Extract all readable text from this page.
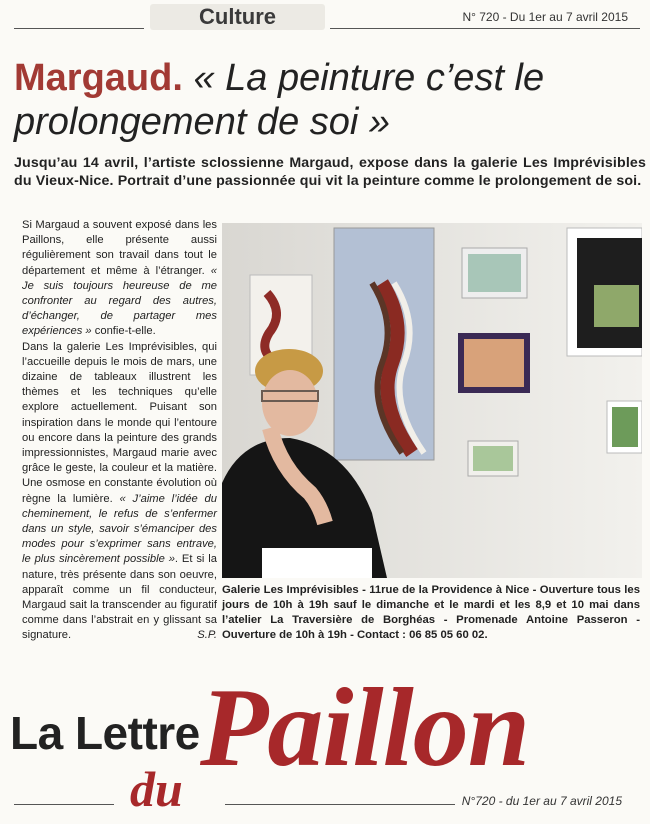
Culture	N° 720 - Du 1er au 7 avril 2015
Margaud. « La peinture c’est le prolongement de soi »
Jusqu’au 14 avril, l’artiste sclossienne Margaud, expose dans la galerie Les Imprévisibles du Vieux-Nice. Portrait d’une passionnée qui vit la peinture comme le prolongement de soi.

Si Margaud a souvent exposé dans les Paillons, elle présente aussi régulièrement son travail dans tout le département et même à l’étranger. « Je suis toujours heureuse de me confronter au regard des autres, d’échanger, de partager mes expériences » confie-t-elle.

Dans la galerie Les Imprévisibles, qui l’accueille depuis le mois de mars, une dizaine de tableaux illustrent les thèmes et les techniques qu’elle explore actuellement. Puisant son inspiration dans le monde qui l’entoure ou encore dans la peinture des grands impressionnistes, Margaud marie avec grâce le geste, la couleur et la matière. Une osmose en constante évolution où règne la lumière. « J’aime l’idée du cheminement, le refus de s’enfermer dans un style, savoir s’émanciper des modes pour s’exprimer sans entrave, le plus sincèrement possible ». Et si la nature, très présente dans son oeuvre, apparaît comme un fil conducteur, Margaud sait la transcender au figuratif comme dans l’abstrait en y glissant sa signature.	S.P.

Galerie Les Imprévisibles - 11rue de la Providence à Nice - Ouverture tous les jours de 10h à 19h sauf le dimanche et le mardi et les 8,9 et 10 mai dans l’atelier La Traversière de Borghéas - Promenade Antoine Passeron -Ouverture de 10h à 19h - Contact : 06 85 05 60 02.
La Lettre
du Paillon
N°720 - du 1er au 7 avril 2015
